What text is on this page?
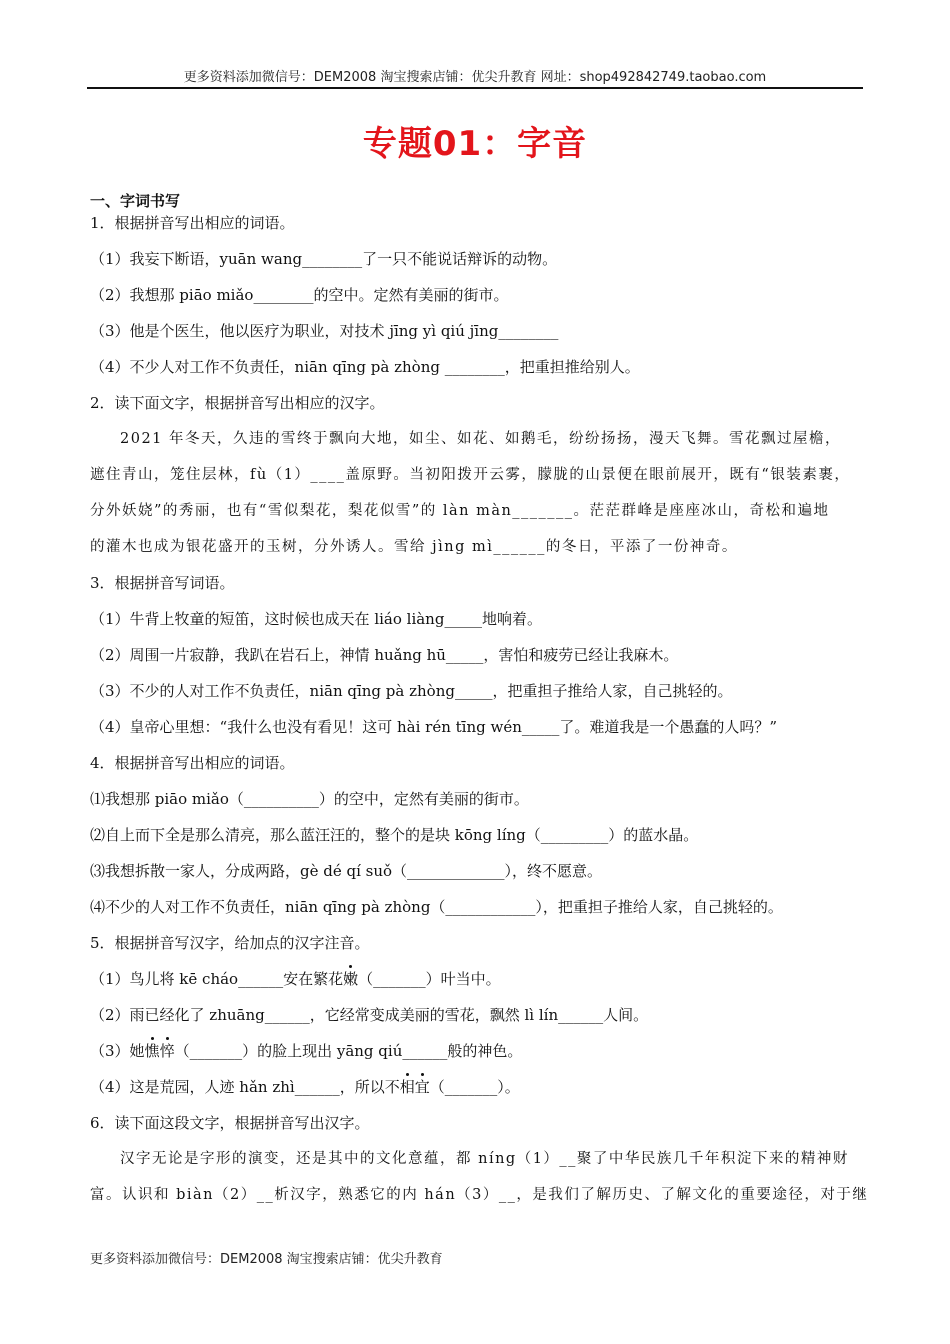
更多资料添加微信号：DEM2008 淘宝搜索店铺：优尖升教育 网址：shop492842749.taobao.com
专题01：字音
一、字词书写
1．根据拼音写出相应的词语。
（1）我妄下断语，yuān wang________了一只不能说话辩诉的动物。
（2）我想那 piāo miǎo________的空中。定然有美丽的街市。
（3）他是个医生，他以医疗为职业，对技术 jīng yì qiú jīng________
（4）不少人对工作不负责任，niān qīng pà zhòng ________，把重担推给别人。
2．读下面文字，根据拼音写出相应的汉字。
2021 年冬天，久违的雪终于飘向大地，如尘、如花、如鹅毛，纷纷扬扬，漫天飞舞。雪花飘过屋檐，
遮住青山，笼住层林，fù（1）____盖原野。当初阳拨开云雾，朦胧的山景便在眼前展开，既有“银装素裹，
分外妖娆”的秀丽，也有“雪似梨花，梨花似雪”的 làn màn_______。茫茫群峰是座座冰山，奇松和遍地
的灌木也成为银花盛开的玉树，分外诱人。雪给 jìng mì______的冬日，平添了一份神奇。
3．根据拼音写词语。
（1）牛背上牧童的短笛，这时候也成天在 liáo liàng_____地响着。
（2）周围一片寂静，我趴在岩石上，神情 huǎng hū_____，害怕和疲劳已经让我麻木。
（3）不少的人对工作不负责任，niān qīng pà zhòng_____，把重担子推给人家，自己挑轻的。
（4）皇帝心里想：“我什么也没有看见！这可 hài rén tīng wén_____了。难道我是一个愚蠢的人吗？”
4．根据拼音写出相应的词语。
⑴我想那 piāo miǎo（__________）的空中，定然有美丽的街市。
⑵自上而下全是那么清亮，那么蓝汪汪的，整个的是块 kōng líng（_________）的蓝水晶。
⑶我想拆散一家人，分成两路，gè dé qí suǒ（_____________），终不愿意。
⑷不少的人对工作不负责任，niān qīng pà zhòng（____________），把重担子推给人家，自己挑轻的。
5．根据拼音写汉字，给加点的汉字注音。
（1）鸟儿将 kē cháo______安在繁花嫩（_______）叶当中。
（2）雨已经化了 zhuāng______，它经常变成美丽的雪花，飘然 lì lín______人间。
（3）她憔悴（_______）的脸上现出 yāng qiú______般的神色。
（4）这是荒园，人迹 hǎn zhì______，所以不相宜（_______）。
6．读下面这段文字，根据拼音写出汉字。
汉字无论是字形的演变，还是其中的文化意蕴，都 níng（1）__聚了中华民族几千年积淀下来的精神财
富。认识和 biàn（2）__析汉字，熟悉它的内 hán（3）__，是我们了解历史、了解文化的重要途径，对于继
更多资料添加微信号：DEM2008 淘宝搜索店铺：优尖升教育
